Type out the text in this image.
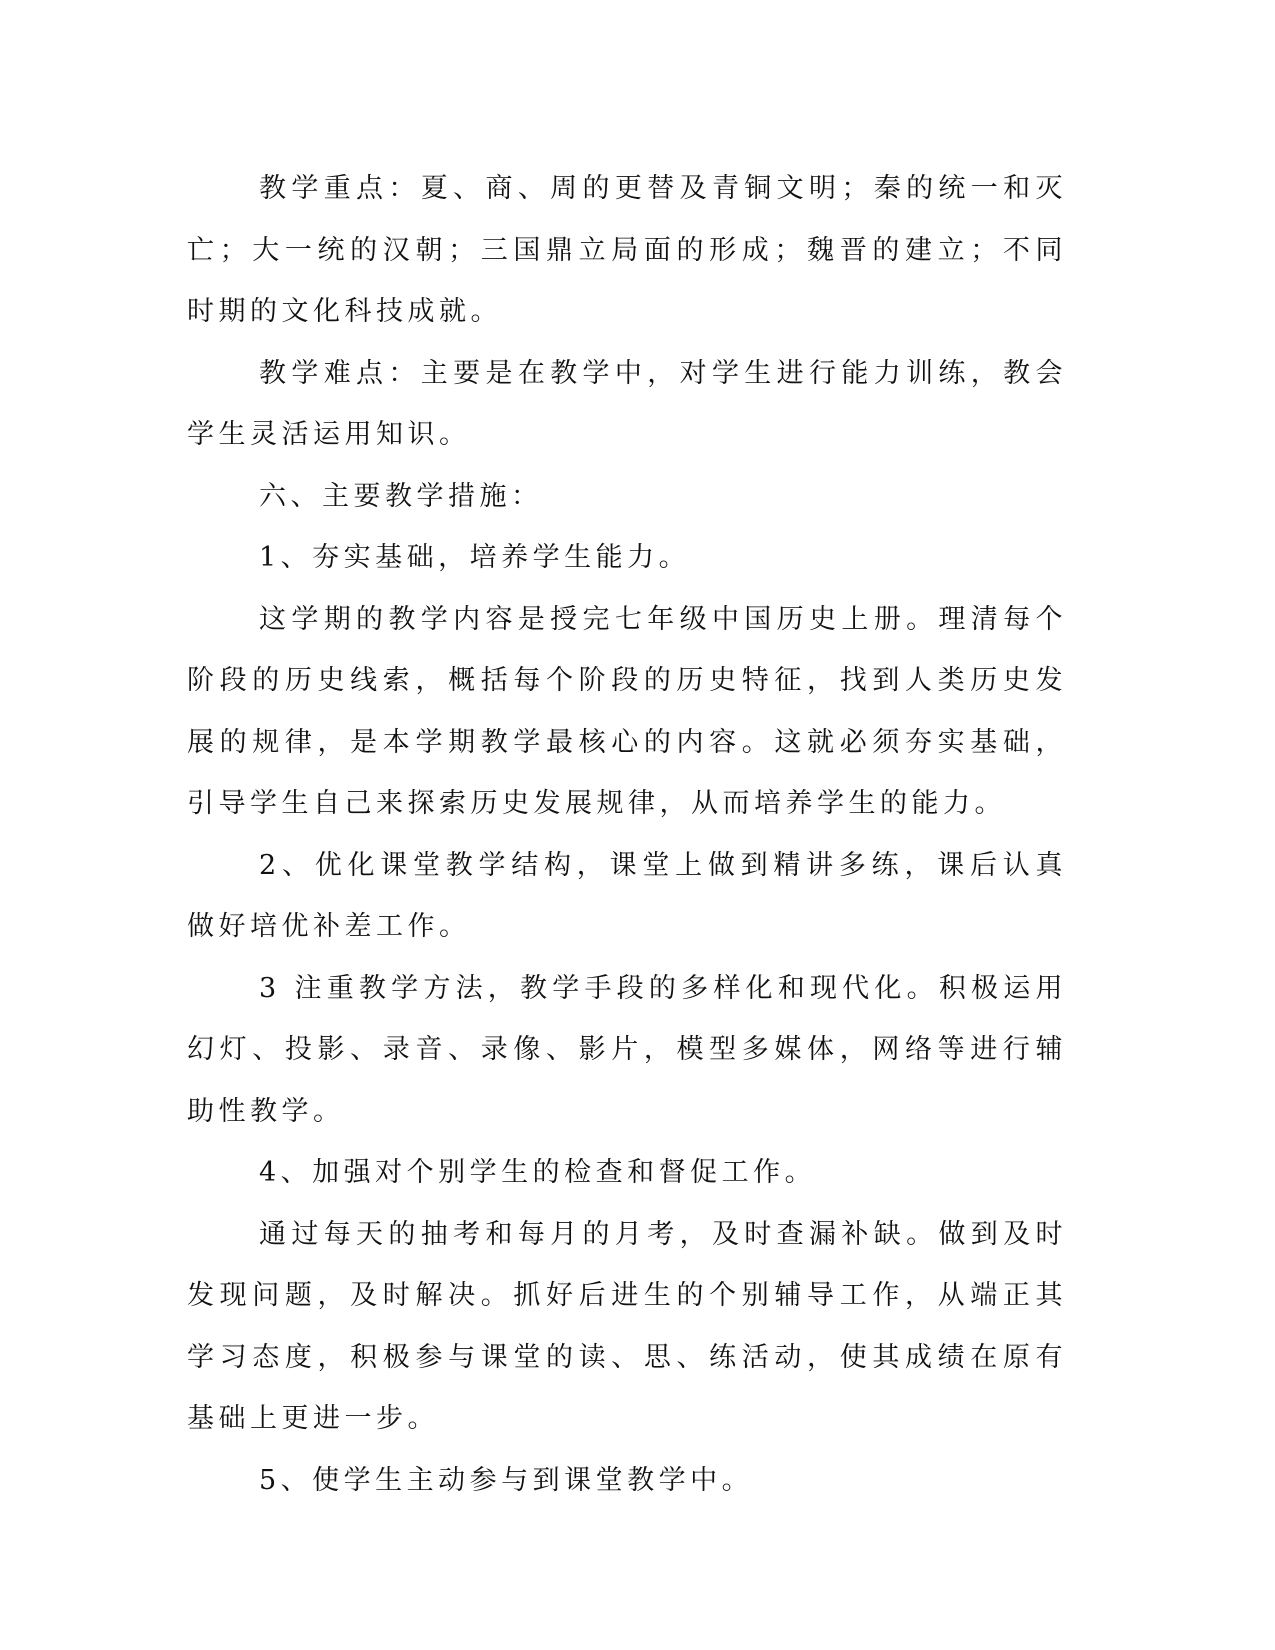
教学重点：夏、商、周的更替及青铜文明；秦的统一和灭亡；大一统的汉朝；三国鼎立局面的形成；魏晋的建立；不同时期的文化科技成就。

教学难点：主要是在教学中，对学生进行能力训练，教会学生灵活运用知识。

六、主要教学措施：

1、夯实基础，培养学生能力。

这学期的教学内容是授完七年级中国历史上册。理清每个阶段的历史线索，概括每个阶段的历史特征，找到人类历史发展的规律，是本学期教学最核心的内容。这就必须夯实基础，引导学生自己来探索历史发展规律，从而培养学生的能力。

2、优化课堂教学结构，课堂上做到精讲多练，课后认真做好培优补差工作。

3 注重教学方法，教学手段的多样化和现代化。积极运用幻灯、投影、录音、录像、影片，模型多媒体，网络等进行辅助性教学。

4、加强对个别学生的检查和督促工作。

通过每天的抽考和每月的月考，及时查漏补缺。做到及时发现问题，及时解决。抓好后进生的个别辅导工作，从端正其学习态度，积极参与课堂的读、思、练活动，使其成绩在原有基础上更进一步。

5、使学生主动参与到课堂教学中。
